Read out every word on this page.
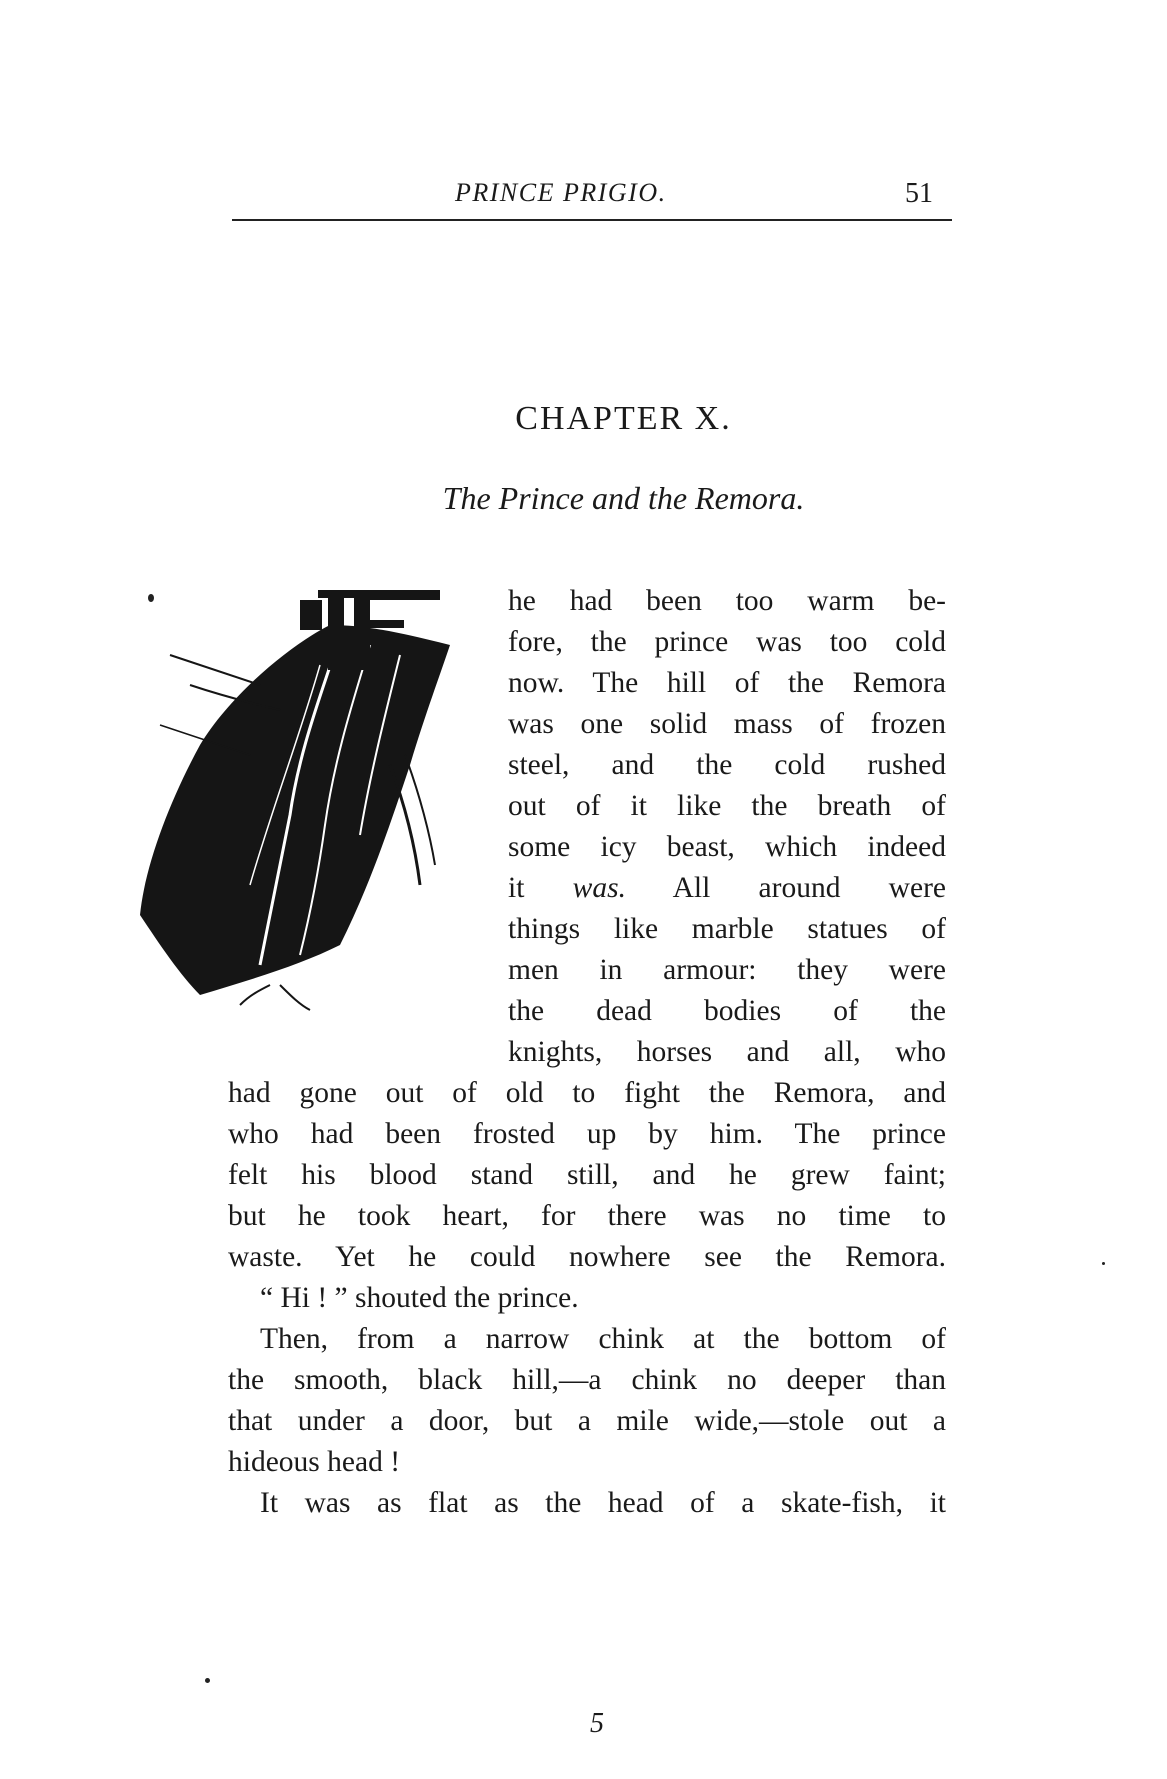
PRINCE PRIGIO.	51
CHAPTER X.
The Prince and the Remora.
he had been too warm be-
fore, the prince was too cold
now. The hill of the Remora
was one solid mass of frozen
steel, and the cold rushed
out of it like the breath of
some icy beast, which indeed
it was. All around were
things like marble statues of
men in armour: they were
the dead bodies of the
knights, horses and all, who
had gone out of old to fight the Remora, and
who had been frosted up by him. The prince
felt his blood stand still, and he grew faint;
but he took heart, for there was no time to
waste. Yet he could nowhere see the Remora.
“ Hi ! ” shouted the prince.
Then, from a narrow chink at the bottom of
the smooth, black hill,—a chink no deeper than
that under a door, but a mile wide,—stole out a
hideous head !
It was as flat as the head of a skate-fish, it
5
